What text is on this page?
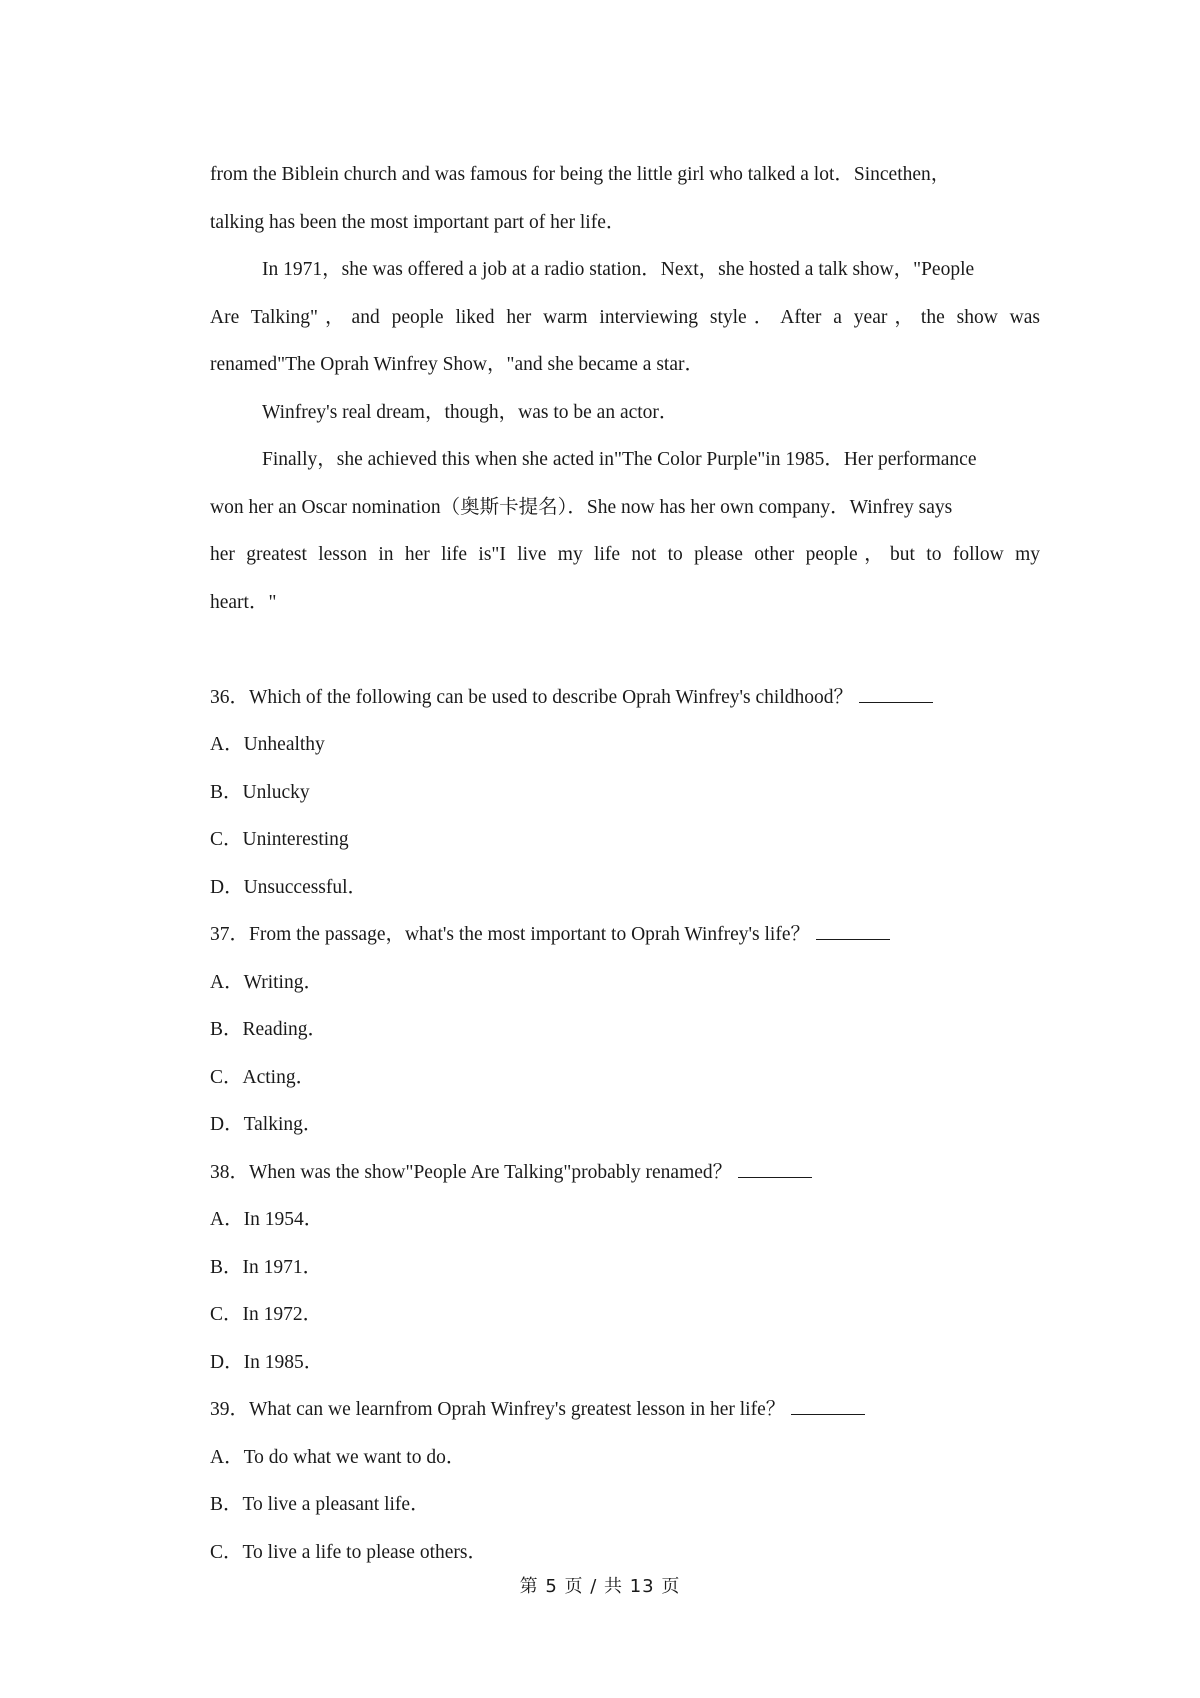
from the Biblein church and was famous for being the little girl who talked a lot．Sincethen，
talking has been the most important part of her life．
In 1971，she was offered a job at a radio station．Next，she hosted a talk show，"People
Are Talking"，and people liked her warm interviewing style．After a year，the show was
renamed"The Oprah Winfrey Show，"and she became a star．
Winfrey's real dream，though，was to be an actor．
Finally，she achieved this when she acted in"The Color Purple"in 1985．Her performance
won her an Oscar nomination（奥斯卡提名）．She now has her own company．Winfrey says
her greatest lesson in her life is"I live my life not to please other people，but to follow my
heart．"
36．Which of the following can be used to describe Oprah Winfrey's childhood？
A．Unhealthy
B．Unlucky
C．Uninteresting
D．Unsuccessful．
37．From the passage，what's the most important to Oprah Winfrey's life？
A．Writing．
B．Reading．
C．Acting．
D．Talking．
38．When was the show"People Are Talking"probably renamed？
A．In 1954．
B．In 1971．
C．In 1972．
D．In 1985．
39．What can we learnfrom Oprah Winfrey's greatest lesson in her life？
A．To do what we want to do．
B．To live a pleasant life．
C．To live a life to please others．
第 5 页 / 共 13 页
